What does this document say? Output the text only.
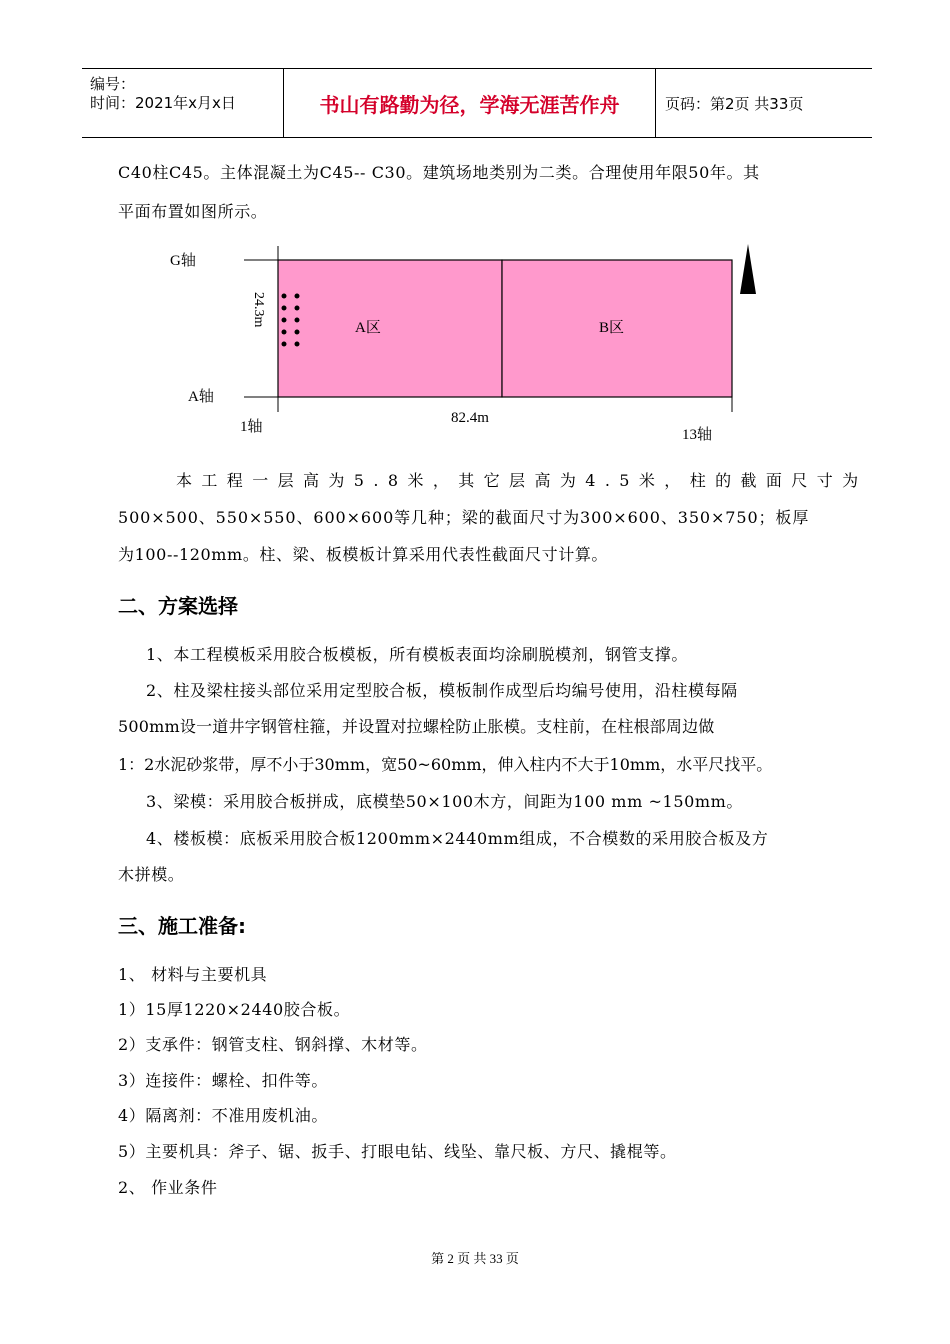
编号：
时间：2021年x月x日	书山有路勤为径，学海无涯苦作舟	页码：第2页 共33页
C40柱C45。主体混凝土为C45-- C30。建筑场地类别为二类。合理使用年限50年。其
平面布置如图所示。
G轴
A轴
1轴	13轴
82.4m
24.3m
A区	B区
本工程一层高为5.8米，其它层高为4.5米，柱的截面尺寸为
500×500、550×550、600×600等几种；梁的截面尺寸为300×600、350×750；板厚
为100--120mm。柱、梁、板模板计算采用代表性截面尺寸计算。
二、方案选择
1、本工程模板采用胶合板模板，所有模板表面均涂刷脱模剂，钢管支撑。
2、柱及梁柱接头部位采用定型胶合板，模板制作成型后均编号使用，沿柱模每隔
500mm设一道井字钢管柱箍，并设置对拉螺栓防止胀模。支柱前，在柱根部周边做
1：2水泥砂浆带，厚不小于30mm，宽50~60mm，伸入柱内不大于10mm，水平尺找平。
3、梁模：采用胶合板拼成，底模垫50×100木方，间距为100 mm ~150mm。
4、楼板模：底板采用胶合板1200mm×2440mm组成，不合模数的采用胶合板及方
木拼模。
三、施工准备:
1、 材料与主要机具
1）15厚1220×2440胶合板。
2）支承件：钢管支柱、钢斜撑、木材等。
3）连接件：螺栓、扣件等。
4）隔离剂：不准用废机油。
5）主要机具：斧子、锯、扳手、打眼电钻、线坠、靠尺板、方尺、撬棍等。
2、 作业条件
第 2 页 共 33 页
